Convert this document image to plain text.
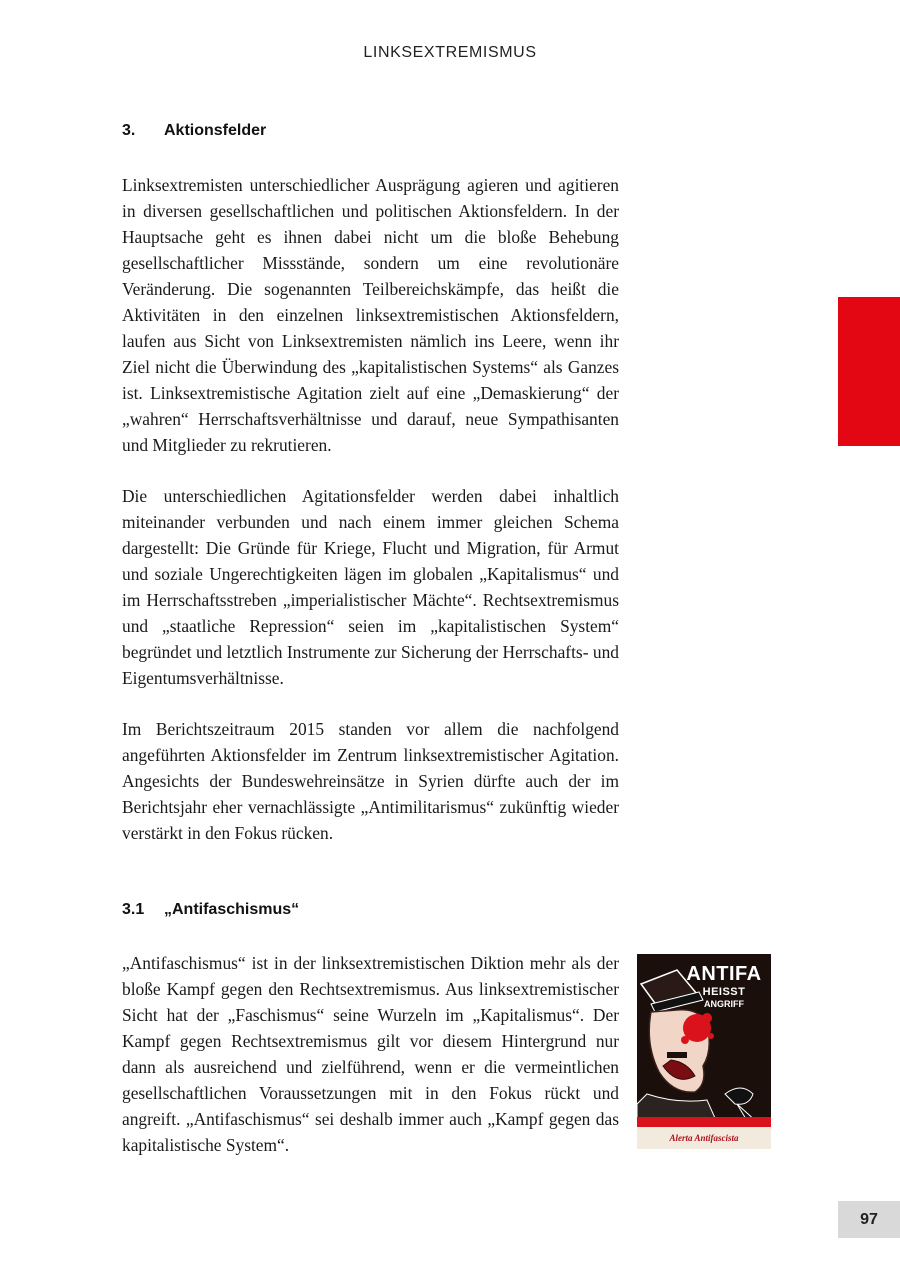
LINKSEXTREMISMUS
3. Aktionsfelder

Linksextremisten unterschiedlicher Ausprägung agieren und agitieren in diversen gesellschaftlichen und politischen Aktionsfeldern. In der Hauptsache geht es ihnen dabei nicht um die bloße Behebung gesellschaftlicher Missstände, sondern um eine revolutionäre Veränderung. Die sogenannten Teilbereichskämpfe, das heißt die Aktivitäten in den einzelnen linksextremistischen Aktionsfeldern, laufen aus Sicht von Linksextremisten nämlich ins Leere, wenn ihr Ziel nicht die Überwindung des „kapitalistischen Systems“ als Ganzes ist. Linksextremistische Agitation zielt auf eine „Demaskierung“ der „wahren“ Herrschaftsverhältnisse und darauf, neue Sympathisanten und Mitglieder zu rekrutieren.

Die unterschiedlichen Agitationsfelder werden dabei inhaltlich miteinander verbunden und nach einem immer gleichen Schema dargestellt: Die Gründe für Kriege, Flucht und Migration, für Armut und soziale Ungerechtigkeiten lägen im globalen „Kapitalismus“ und im Herrschaftsstreben „imperialistischer Mächte“. Rechtsextremismus und „staatliche Repression“ seien im „kapitalistischen System“ begründet und letztlich Instrumente zur Sicherung der Herrschafts- und Eigentumsverhältnisse.

Im Berichtszeitraum 2015 standen vor allem die nachfolgend angeführten Aktionsfelder im Zentrum linksextremistischer Agitation. Angesichts der Bundeswehreinsätze in Syrien dürfte auch der im Berichtsjahr eher vernachlässigte „Antimilitarismus“ zukünftig wieder verstärkt in den Fokus rücken.

3.1 „Antifaschismus“

„Antifaschismus“ ist in der linksextremistischen Diktion mehr als der bloße Kampf gegen den Rechtsextremismus. Aus linksextremistischer Sicht hat der „Faschismus“ seine Wurzeln im „Kapitalismus“. Der Kampf gegen Rechtsextremismus gilt vor diesem Hintergrund nur dann als ausreichend und zielführend, wenn er die vermeintlichen gesellschaftlichen Voraussetzungen mit in den Fokus rückt und angreift. „Antifaschismus“ sei deshalb immer auch „Kampf gegen das kapitalistische System“.

ANTIFA
HEISST
ANGRIFF
Alerta Antifascista
97
